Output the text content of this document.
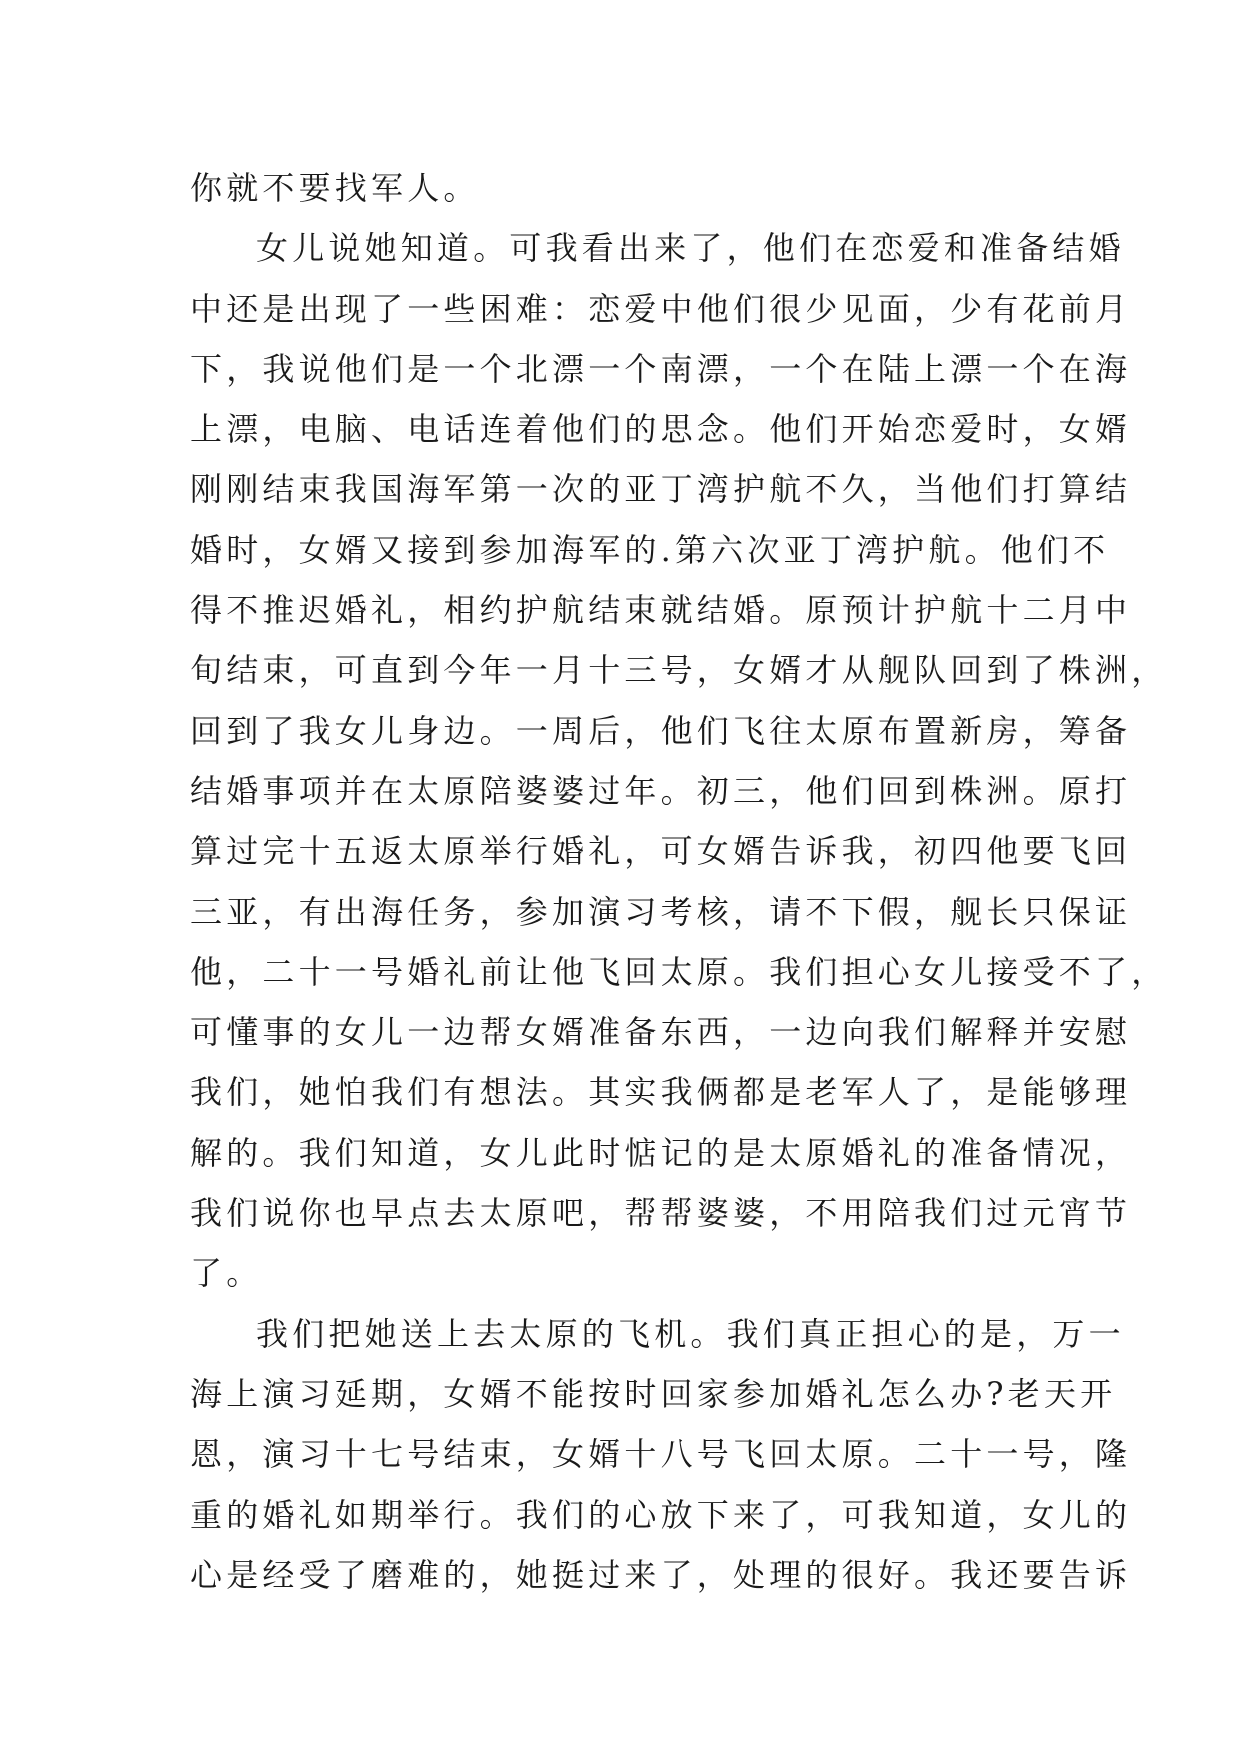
你就不要找军人。
女儿说她知道。可我看出来了，他们在恋爱和准备结婚
中还是出现了一些困难：恋爱中他们很少见面，少有花前月
下，我说他们是一个北漂一个南漂，一个在陆上漂一个在海
上漂，电脑、电话连着他们的思念。他们开始恋爱时，女婿
刚刚结束我国海军第一次的亚丁湾护航不久，当他们打算结
婚时，女婿又接到参加海军的.第六次亚丁湾护航。他们不
得不推迟婚礼，相约护航结束就结婚。原预计护航十二月中
旬结束，可直到今年一月十三号，女婿才从舰队回到了株洲，
回到了我女儿身边。一周后，他们飞往太原布置新房，筹备
结婚事项并在太原陪婆婆过年。初三，他们回到株洲。原打
算过完十五返太原举行婚礼，可女婿告诉我，初四他要飞回
三亚，有出海任务，参加演习考核，请不下假，舰长只保证
他，二十一号婚礼前让他飞回太原。我们担心女儿接受不了，
可懂事的女儿一边帮女婿准备东西，一边向我们解释并安慰
我们，她怕我们有想法。其实我俩都是老军人了，是能够理
解的。我们知道，女儿此时惦记的是太原婚礼的准备情况，
我们说你也早点去太原吧，帮帮婆婆，不用陪我们过元宵节
了。
我们把她送上去太原的飞机。我们真正担心的是，万一
海上演习延期，女婿不能按时回家参加婚礼怎么办?老天开
恩，演习十七号结束，女婿十八号飞回太原。二十一号，隆
重的婚礼如期举行。我们的心放下来了，可我知道，女儿的
心是经受了磨难的，她挺过来了，处理的很好。我还要告诉
